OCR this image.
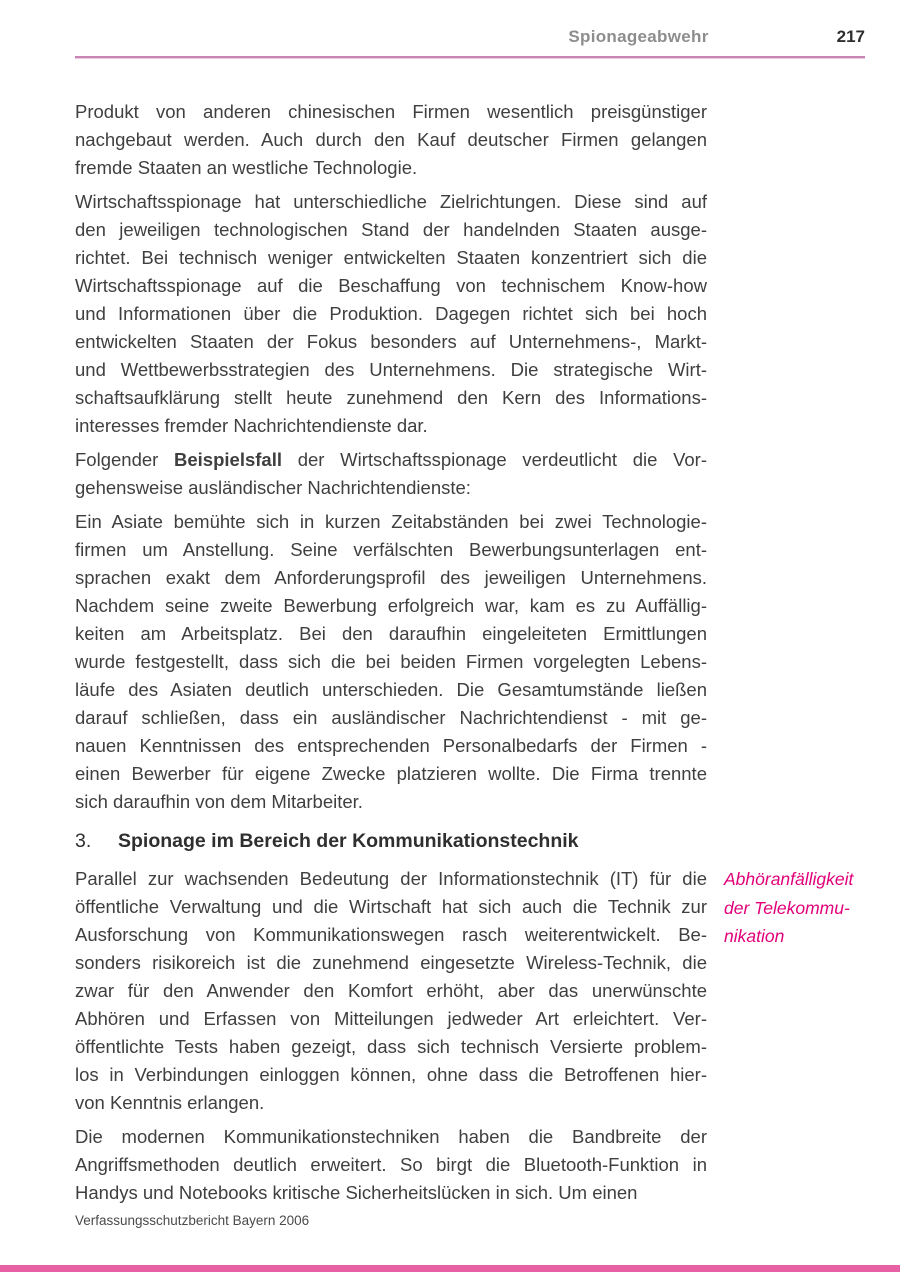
Spionageabwehr	217
Produkt von anderen chinesischen Firmen wesentlich preisgünstiger
nachgebaut werden. Auch durch den Kauf deutscher Firmen gelangen
fremde Staaten an westliche Technologie.
Wirtschaftsspionage hat unterschiedliche Zielrichtungen. Diese sind auf
den jeweiligen technologischen Stand der handelnden Staaten ausge-
richtet. Bei technisch weniger entwickelten Staaten konzentriert sich die
Wirtschaftsspionage auf die Beschaffung von technischem Know-how
und Informationen über die Produktion. Dagegen richtet sich bei hoch
entwickelten Staaten der Fokus besonders auf Unternehmens-, Markt-
und Wettbewerbsstrategien des Unternehmens. Die strategische Wirt-
schaftsaufklärung stellt heute zunehmend den Kern des Informations-
interesses fremder Nachrichtendienste dar.
Folgender Beispielsfall der Wirtschaftsspionage verdeutlicht die Vor-
gehensweise ausländischer Nachrichtendienste:
Ein Asiate bemühte sich in kurzen Zeitabständen bei zwei Technologie-
firmen um Anstellung. Seine verfälschten Bewerbungsunterlagen ent-
sprachen exakt dem Anforderungsprofil des jeweiligen Unternehmens.
Nachdem seine zweite Bewerbung erfolgreich war, kam es zu Auffällig-
keiten am Arbeitsplatz. Bei den daraufhin eingeleiteten Ermittlungen
wurde festgestellt, dass sich die bei beiden Firmen vorgelegten Lebens-
läufe des Asiaten deutlich unterschieden. Die Gesamtumstände ließen
darauf schließen, dass ein ausländischer Nachrichtendienst - mit ge-
nauen Kenntnissen des entsprechenden Personalbedarfs der Firmen -
einen Bewerber für eigene Zwecke platzieren wollte. Die Firma trennte
sich daraufhin von dem Mitarbeiter.
3.	Spionage im Bereich der Kommunikationstechnik
Parallel zur wachsenden Bedeutung der Informationstechnik (IT) für die
öffentliche Verwaltung und die Wirtschaft hat sich auch die Technik zur
Ausforschung von Kommunikationswegen rasch weiterentwickelt. Be-
sonders risikoreich ist die zunehmend eingesetzte Wireless-Technik, die
zwar für den Anwender den Komfort erhöht, aber das unerwünschte
Abhören und Erfassen von Mitteilungen jedweder Art erleichtert. Ver-
öffentlichte Tests haben gezeigt, dass sich technisch Versierte problem-
los in Verbindungen einloggen können, ohne dass die Betroffenen hier-
von Kenntnis erlangen.
Abhöranfälligkeit
der Telekommu-
nikation
Die modernen Kommunikationstechniken haben die Bandbreite der
Angriffsmethoden deutlich erweitert. So birgt die Bluetooth-Funktion in
Handys und Notebooks kritische Sicherheitslücken in sich. Um einen
Verfassungsschutzbericht Bayern 2006
